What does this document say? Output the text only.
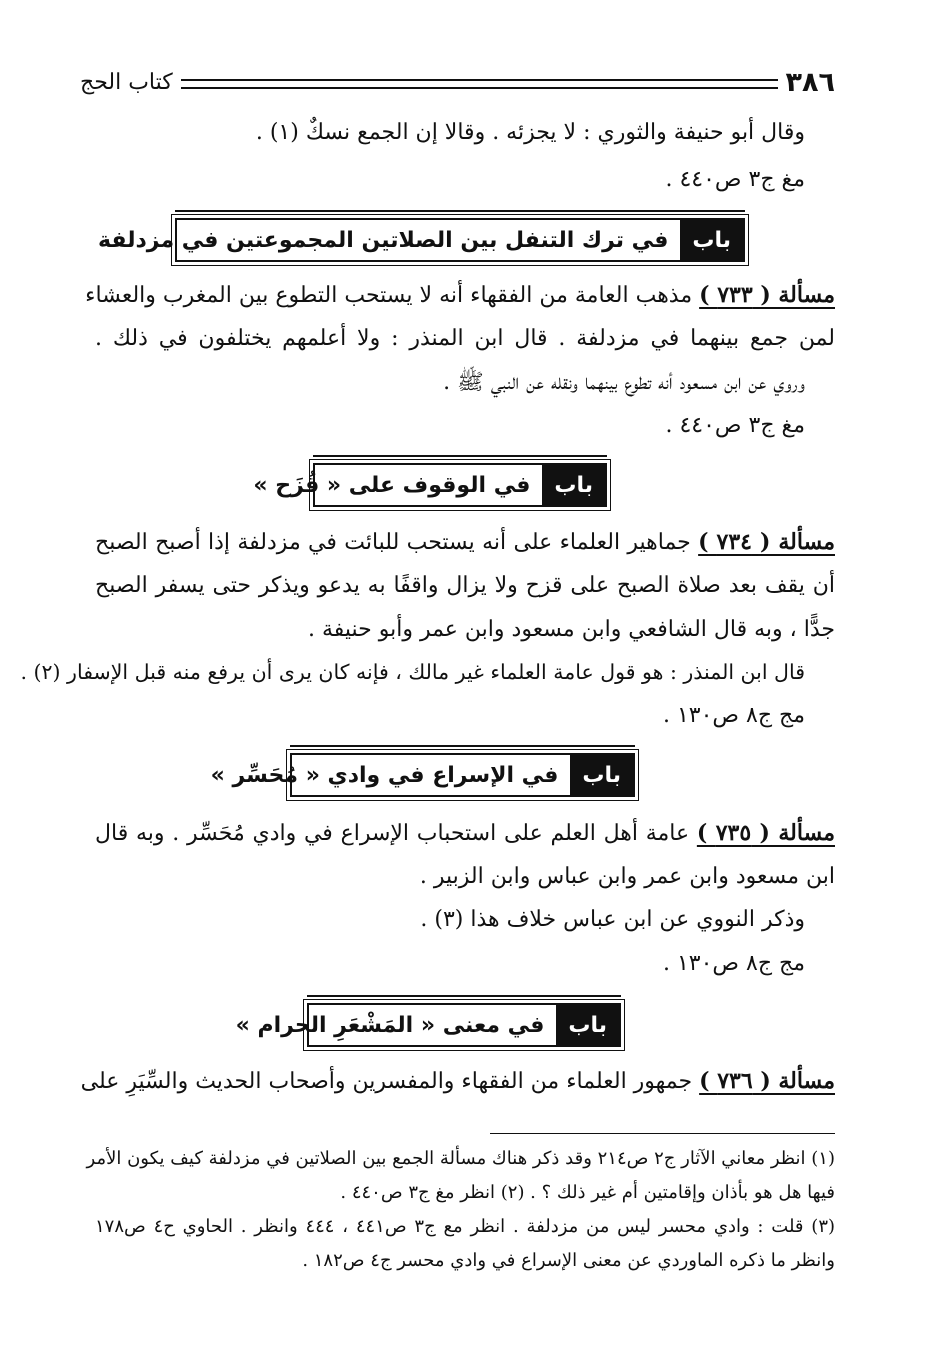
٣٨٦
كتاب الحج
وقال أبو حنيفة والثوري : لا يجزئه . وقالا إن الجمع نسكٌ (١) .
مغ ج٣ ص٤٤٠ .
باب
في ترك التنفل بين الصلاتين المجموعتين في مزدلفة
مسألة ( ٧٣٣ ) مذهب العامة من الفقهاء أنه لا يستحب التطوع بين المغرب والعشاء
لمن جمع بينهما في مزدلفة . قال ابن المنذر : ولا أعلمهم يختلفون في ذلك .
وروي عن ابن مسعود أنه تطوع بينهما ونقله عن النبي ﷺ .
مغ ج٣ ص٤٤٠ .
باب
في الوقوف على « قُزَح »
مسألة ( ٧٣٤ ) جماهير العلماء على أنه يستحب للبائت في مزدلفة إذا أصبح الصبح
أن يقف بعد صلاة الصبح على قزح ولا يزال واقفًا به يدعو ويذكر حتى يسفر الصبح
جدًّا ، وبه قال الشافعي وابن مسعود وابن عمر وأبو حنيفة .
قال ابن المنذر : هو قول عامة العلماء غير مالك ، فإنه كان يرى أن يرفع منه قبل الإسفار (٢) .
مج ج٨ ص١٣٠ .
باب
في الإسراع في وادي « مُحَسِّر »
مسألة ( ٧٣٥ ) عامة أهل العلم على استحباب الإسراع في وادي مُحَسِّر . وبه قال
ابن مسعود وابن عمر وابن عباس وابن الزبير .
وذكر النووي عن ابن عباس خلاف هذا (٣) .
مج ج٨ ص١٣٠ .
باب
في معنى « المَشْعَرِ الحرام »
مسألة ( ٧٣٦ ) جمهور العلماء من الفقهاء والمفسرين وأصحاب الحديث والسِّيَرِ على
(١) انظر معاني الآثار ج٢ ص٢١٤ وقد ذكر هناك مسألة الجمع بين الصلاتين في مزدلفة كيف يكون الأمر
فيها هل هو بأذان وإقامتين أم غير ذلك ؟ . (٢) انظر مغ ج٣ ص٤٤٠ .
(٣) قلت : وادي محسر ليس من مزدلفة . انظر مع ج٣ ص٤٤١ ، ٤٤٤ وانظر . الحاوي ح٤ ص١٧٨
وانظر ما ذكره الماوردي عن معنى الإسراع في وادي محسر ج٤ ص١٨٢ .
